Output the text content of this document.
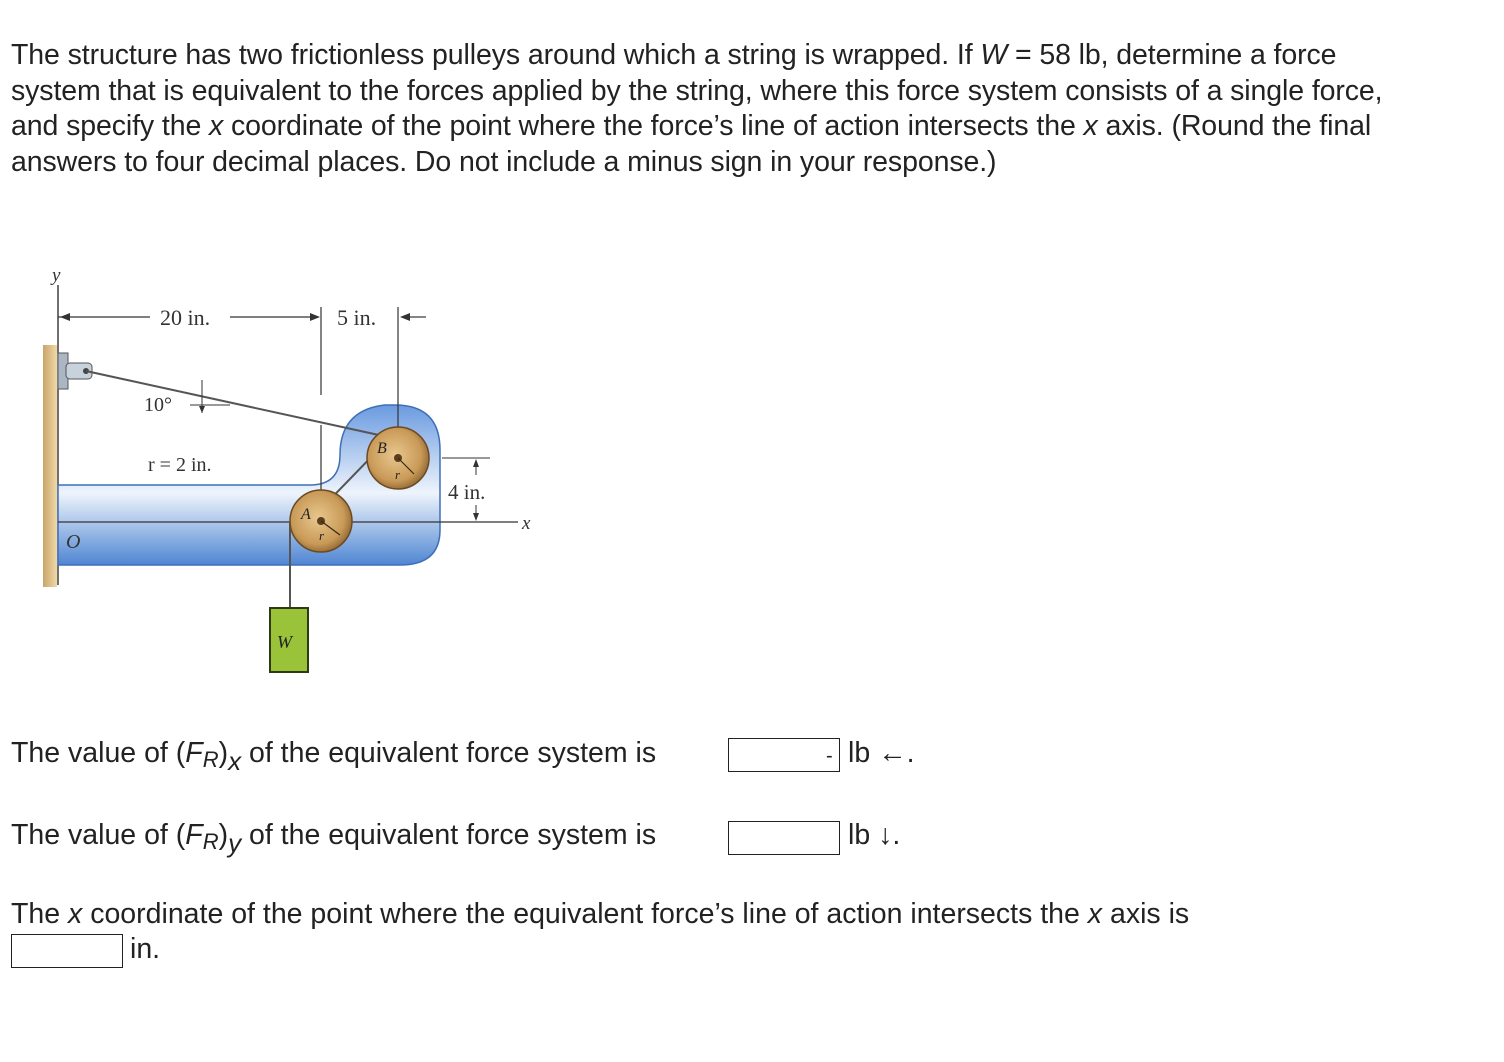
The structure has two frictionless pulleys around which a string is wrapped. If W = 58 lb, determine a force system that is equivalent to the forces applied by the string, where this force system consists of a single force, and specify the x coordinate of the point where the force’s line of action intersects the x axis. (Round the final answers to four decimal places. Do not include a minus sign in your response.)
y
x
O
20 in.	5 in.
10°
r = 2 in.
4 in.
A
B
r
r
W
The value of (FR)x of the equivalent force system is	- lb ←.
The value of (FR)y of the equivalent force system is	lb ↓.
The x coordinate of the point where the equivalent force’s line of action intersects the x axis is
in.
